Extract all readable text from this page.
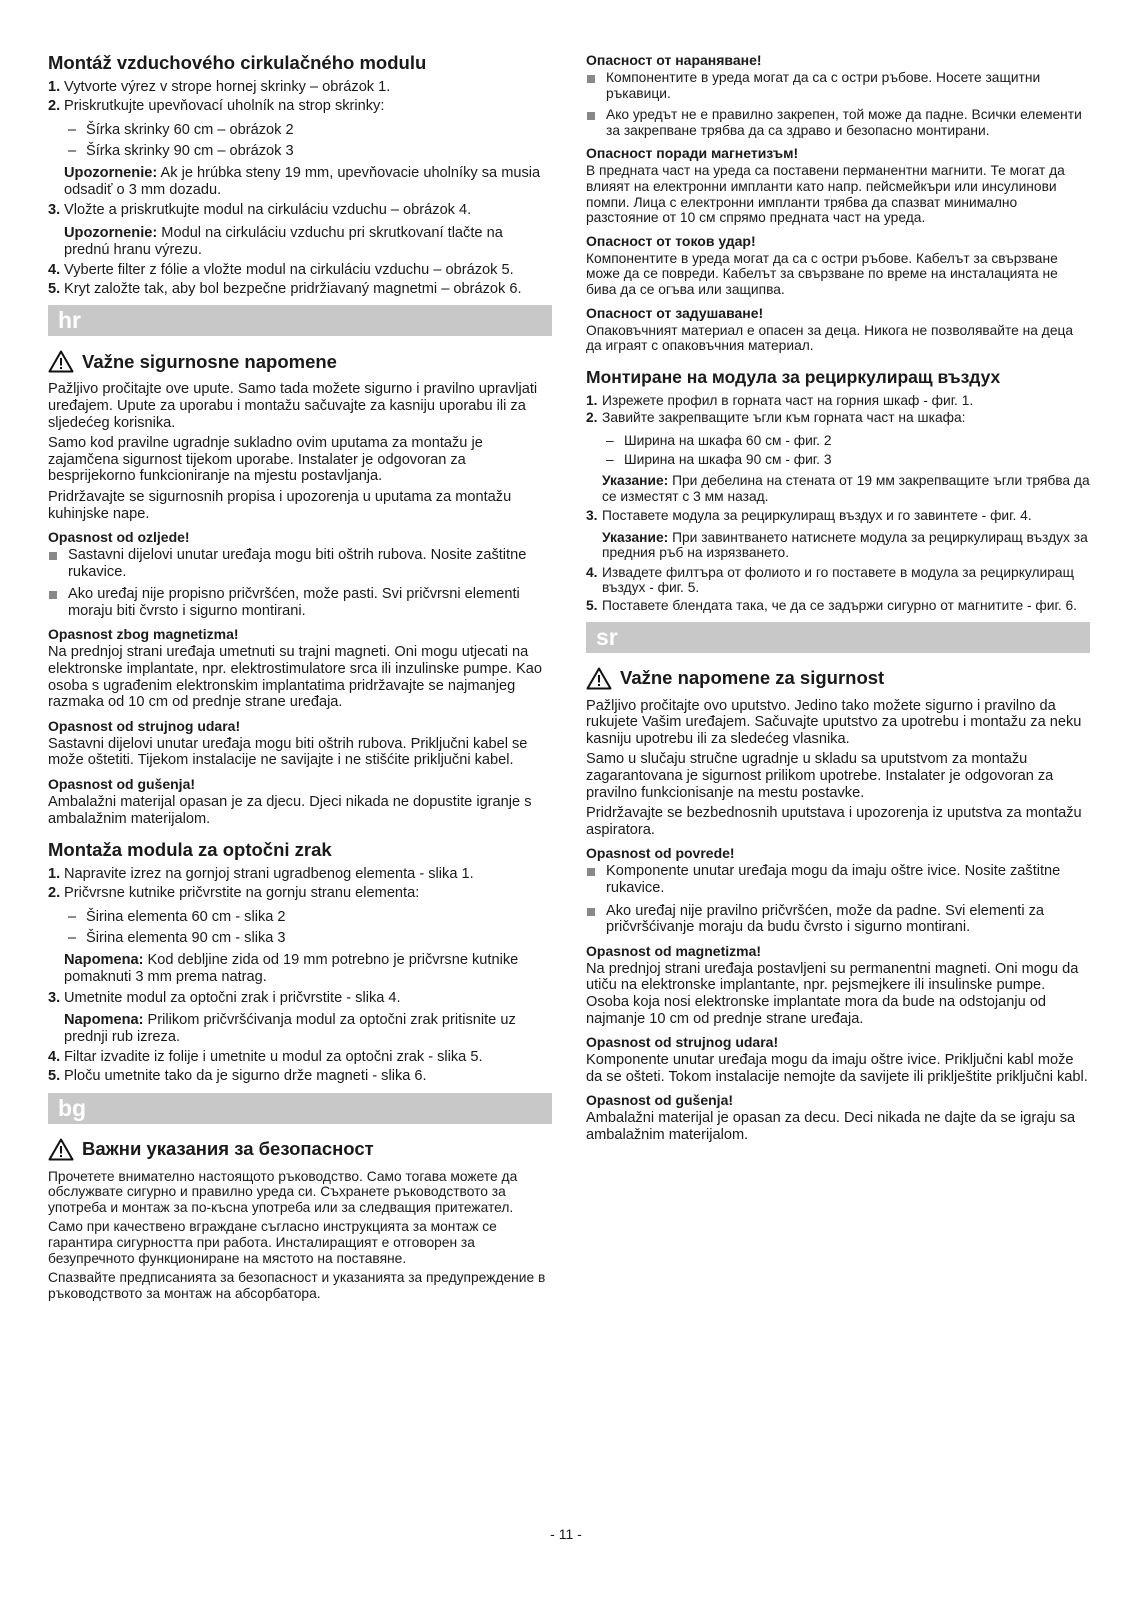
Montáž vzduchového cirkulačného modulu
1. Vytvorte výrez v strope hornej skrinky – obrázok 1.
2. Priskrutkujte upevňovací uholník na strop skrinky:
– Šírka skrinky 60 cm – obrázok 2
– Šírka skrinky 90 cm – obrázok 3
Upozornenie: Ak je hrúbka steny 19 mm, upevňovacie uholníky sa musia odsadiť o 3 mm dozadu.
3. Vložte a priskrutkujte modul na cirkuláciu vzduchu – obrázok 4.
Upozornenie: Modul na cirkuláciu vzduchu pri skrutkovaní tlačte na prednú hranu výrezu.
4. Vyberte filter z fólie a vložte modul na cirkuláciu vzduchu – obrázok 5.
5. Kryt založte tak, aby bol bezpečne pridržiavaný magnetmi – obrázok 6.
hr
Važne sigurnosne napomene

Pažljivo pročitajte ove upute. Samo tada možete sigurno i pravilno upravljati uređajem. Upute za uporabu i montažu sačuvajte za kasniju uporabu ili za sljedećeg korisnika.

Samo kod pravilne ugradnje sukladno ovim uputama za montažu je zajamčena sigurnost tijekom uporabe. Instalater je odgovoran za besprijekorno funkcioniranje na mjestu postavljanja.

Pridržavajte se sigurnosnih propisa i upozorenja u uputama za montažu kuhinjske nape.

Opasnost od ozljede!
Sastavni dijelovi unutar uređaja mogu biti oštrih rubova. Nosite zaštitne rukavice.
Ako uređaj nije propisno pričvršćen, može pasti. Svi pričvrsni elementi moraju biti čvrsto i sigurno montirani.
Opasnost zbog magnetizma!

Na prednjoj strani uređaja umetnuti su trajni magneti. Oni mogu utjecati na elektronske implantate, npr. elektrostimulatore srca ili inzulinske pumpe. Kao osoba s ugrađenim elektronskim implantatima pridržavajte se najmanjeg razmaka od 10 cm od prednje strane uređaja.

Opasnost od strujnog udara!

Sastavni dijelovi unutar uređaja mogu biti oštrih rubova. Priključni kabel se može oštetiti. Tijekom instalacije ne savijajte i ne stišćite priključni kabel.

Opasnost od gušenja!

Ambalažni materijal opasan je za djecu. Djeci nikada ne dopustite igranje s ambalažnim materijalom.

Montaža modula za optočni zrak
1. Napravite izrez na gornjoj strani ugradbenog elementa - slika 1.
2. Pričvrsne kutnike pričvrstite na gornju stranu elementa:
– Širina elementa 60 cm - slika 2
– Širina elementa 90 cm - slika 3
Napomena: Kod debljine zida od 19 mm potrebno je pričvrsne kutnike pomaknuti 3 mm prema natrag.
3. Umetnite modul za optočni zrak i pričvrstite - slika 4.
Napomena: Prilikom pričvršćivanja modul za optočni zrak pritisnite uz prednji rub izreza.
4. Filtar izvadite iz folije i umetnite u modul za optočni zrak - slika 5.
5. Ploču umetnite tako da je sigurno drže magneti - slika 6.
bg
Важни указания за безопасност

Прочетете внимателно настоящото ръководство. Само тогава можете да обслужвате сигурно и правилно уреда си. Съхранете ръководството за употреба и монтаж за по-късна употреба или за следващия притежател.

Само при качествено вграждане съгласно инструкцията за монтаж се гарантира сигурността при работа. Инсталиращият е отговорен за безупречното функциониране на мястото на поставяне.

Спазвайте предписанията за безопасност и указанията за предупреждение в ръководството за монтаж на абсорбатора.

Опасност от нараняване!
Компонентите в уреда могат да са с остри ръбове. Носете защитни ръкавици.
Ако уредът не е правилно закрепен, той може да падне. Всички елементи за закрепване трябва да са здраво и безопасно монтирани.
Опасност поради магнетизъм!

В предната част на уреда са поставени перманентни магнити. Те могат да влияят на електронни импланти като напр. пейсмейкъри или инсулинови помпи. Лица с електронни импланти трябва да спазват минимално разстояние от 10 см спрямо предната част на уреда.

Опасност от токов удар!

Компонентите в уреда могат да са с остри ръбове. Кабелът за свързване може да се повреди. Кабелът за свързване по време на инсталацията не бива да се огъва или защипва.

Опасност от задушаване!

Опаковъчният материал е опасен за деца. Никога не позволявайте на деца да играят с опаковъчния материал.

Монтиране на модула за рециркулиращ въздух
1. Изрежете профил в горната част на горния шкаф - фиг. 1.
2. Завийте закрепващите ъгли към горната част на шкафа:
– Ширина на шкафа 60 см - фиг. 2
– Ширина на шкафа 90 см - фиг. 3
Указание: При дебелина на стената от 19 мм закрепващите ъгли трябва да се изместят с 3 мм назад.
3. Поставете модула за рециркулиращ въздух и го завинтете - фиг. 4.
Указание: При завинтването натиснете модула за рециркулиращ въздух за предния ръб на изрязването.
4. Извадете филтъра от фолиото и го поставете в модула за рециркулиращ въздух - фиг. 5.
5. Поставете блендата така, че да се задържи сигурно от магнитите - фиг. 6.
sr
Važne napomene za sigurnost

Pažljivo pročitajte ovo uputstvo. Jedino tako možete sigurno i pravilno da rukujete Vašim uređajem. Sačuvajte uputstvo za upotrebu i montažu za neku kasniju upotrebu ili za sledećeg vlasnika.

Samo u slučaju stručne ugradnje u skladu sa uputstvom za montažu zagarantovana je sigurnost prilikom upotrebe. Instalater je odgovoran za pravilno funkcionisanje na mestu postavke.

Pridržavajte se bezbednosnih uputstava i upozorenja iz uputstva za montažu aspiratora.

Opasnost od povrede!
Komponente unutar uređaja mogu da imaju oštre ivice. Nosite zaštitne rukavice.
Ako uređaj nije pravilno pričvršćen, može da padne. Svi elementi za pričvršćivanje moraju da budu čvrsto i sigurno montirani.
Opasnost od magnetizma!

Na prednjoj strani uređaja postavljeni su permanentni magneti. Oni mogu da utiču na elektronske implantante, npr. pejsmejkere ili insulinske pumpe. Osoba koja nosi elektronske implantate mora da bude na odstojanju od najmanje 10 cm od prednje strane uređaja.

Opasnost od strujnog udara!

Komponente unutar uređaja mogu da imaju oštre ivice. Priključni kabl može da se ošteti. Tokom instalacije nemojte da savijete ili priklještite priključni kabl.

Opasnost od gušenja!

Ambalažni materijal je opasan za decu. Deci nikada ne dajte da se igraju sa ambalažnim materijalom.

- 11 -
